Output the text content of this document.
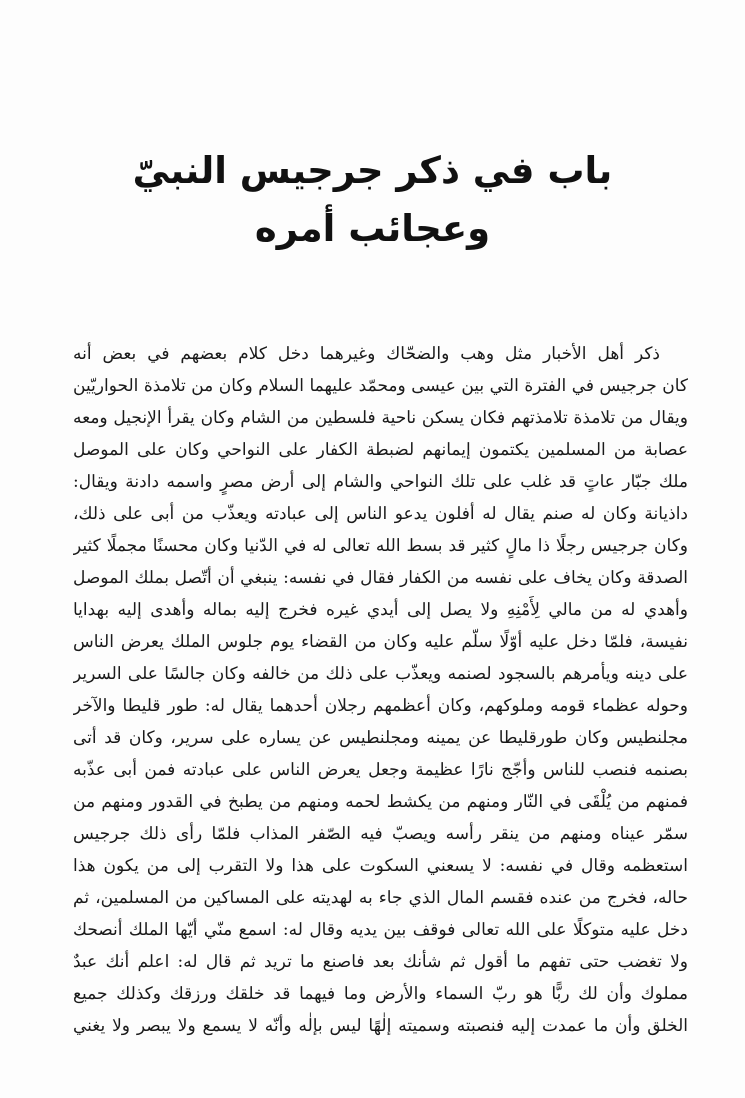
باب في ذكر جرجيس النبيّ
وعجائب أمره
ذكر أهل الأخبار مثل وهب والضحّاك وغيرهما دخل كلام بعضهم في بعض أنه
كان جرجيس في الفترة التي بين عيسى ومحمّد عليهما السلام وكان من تلامذة الحواريّين
ويقال من تلامذة تلامذتهم فكان يسكن ناحية فلسطين من الشام وكان يقرأ الإنجيل ومعه
عصابة من المسلمين يكتمون إيمانهم لضبطة الكفار على النواحي وكان على الموصل
ملك جبّار عاتٍ قد غلب على تلك النواحي والشام إلى أرض مصرٍ واسمه دادنة ويقال:
داذيانة وكان له صنم يقال له أفلون يدعو الناس إلى عبادته ويعذّب من أبى على ذلك،
وكان جرجيس رجلًا ذا مالٍ كثير قد بسط الله تعالى له في الدّنيا وكان محسنًا مجملًا كثير
الصدقة وكان يخاف على نفسه من الكفار فقال في نفسه: ينبغي أن أتّصل بملك الموصل
وأهدي له من مالي لِأَمْنِهِ ولا يصل إلى أيدي غيره فخرج إليه بماله وأهدى إليه بهدايا
نفيسة، فلمّا دخل عليه أوّلًا سلّم عليه وكان من القضاء يوم جلوس الملك يعرض الناس
على دينه ويأمرهم بالسجود لصنمه ويعذّب على ذلك من خالفه وكان جالسًا على السرير
وحوله عظماء قومه وملوكهم، وكان أعظمهم رجلان أحدهما يقال له: طور قليطا والآخر
مجلنطيس وكان طورقليطا عن يمينه ومجلنطيس عن يساره على سرير، وكان قد أتى
بصنمه فنصب للناس وأجّج نارًا عظيمة وجعل يعرض الناس على عبادته فمن أبى عذّبه
فمنهم من يُلْقَى في النّار ومنهم من يكشط لحمه ومنهم من يطبخ في القدور ومنهم من
سمّر عيناه ومنهم من ينقر رأسه ويصبّ فيه الصّفر المذاب فلمّا رأى ذلك جرجيس
استعظمه وقال في نفسه: لا يسعني السكوت على هذا ولا التقرب إلى من يكون هذا
حاله، فخرج من عنده فقسم المال الذي جاء به لهديته على المساكين من المسلمين، ثم
دخل عليه متوكلًا على الله تعالى فوقف بين يديه وقال له: اسمع منّي أيّها الملك أنصحك
ولا تغضب حتى تفهم ما أقول ثم شأنك بعد فاصنع ما تريد ثم قال له: اعلم أنك عبدٌ
مملوك وأن لك ربًّا هو ربّ السماء والأرض وما فيهما قد خلقك ورزقك وكذلك جميع
الخلق وأن ما عمدت إليه فنصبته وسميته إلٰهًا ليس بإلٰه وأنّه لا يسمع ولا يبصر ولا يغني
